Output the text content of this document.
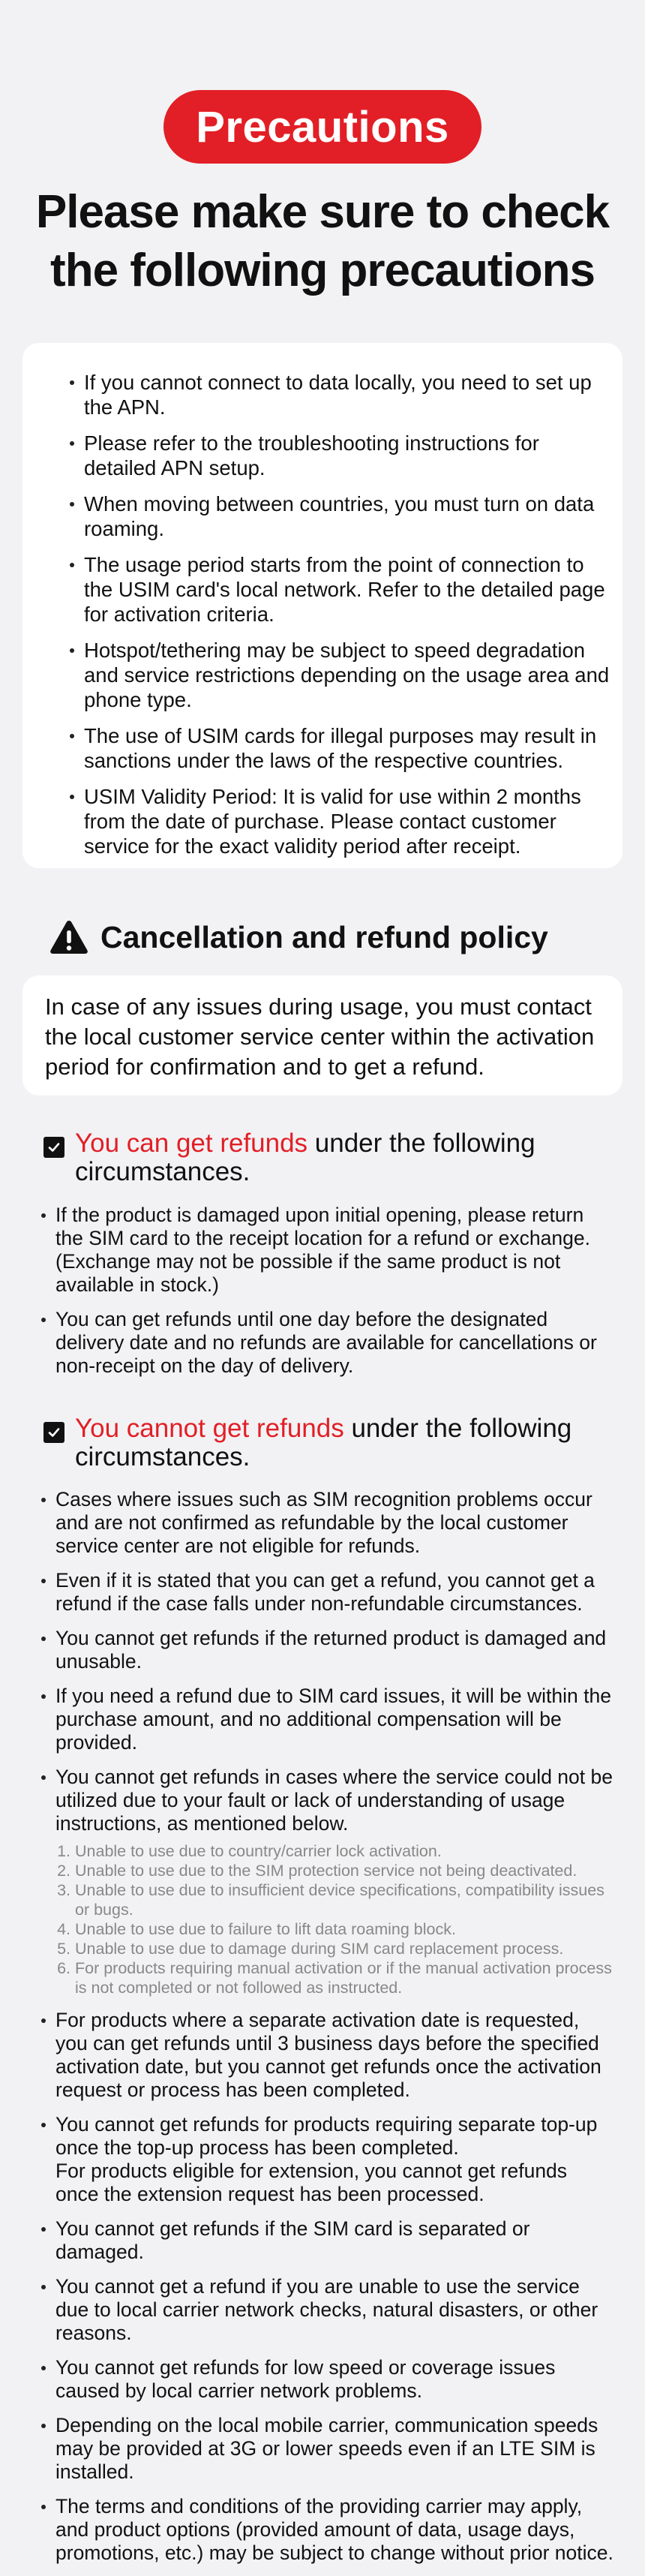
Precautions
Please make sure to check
the following precautions
If you cannot connect to data locally, you need to set up the APN.
Please refer to the troubleshooting instructions for detailed APN setup.
When moving between countries, you must turn on data roaming.
The usage period starts from the point of connection to the USIM card's local network. Refer to the detailed page for activation criteria.
Hotspot/tethering may be subject to speed degradation and service restrictions depending on the usage area and phone type.
The use of USIM cards for illegal purposes may result in sanctions under the laws of the respective countries.
USIM Validity Period: It is valid for use within 2 months from the date of purchase. Please contact customer service for the exact validity period after receipt.
Cancellation and refund policy
In case of any issues during usage, you must contact the local customer service center within the activation period for confirmation and to get a refund.
You can get refunds under the following circumstances.
If the product is damaged upon initial opening, please return the SIM card to the receipt location for a refund or exchange. (Exchange may not be possible if the same product is not available in stock.)
You can get refunds until one day before the designated delivery date and no refunds are available for cancellations or non-receipt on the day of delivery.
You cannot get refunds under the following circumstances.
Cases where issues such as SIM recognition problems occur and are not confirmed as refundable by the local customer service center are not eligible for refunds.
Even if it is stated that you can get a refund, you cannot get a refund if the case falls under non-refundable circumstances.
You cannot get refunds if the returned product is damaged and unusable.
If you need a refund due to SIM card issues, it will be within the purchase amount, and no additional compensation will be provided.
You cannot get refunds in cases where the service could not be utilized due to your fault or lack of understanding of usage instructions, as mentioned below.
1. Unable to use due to country/carrier lock activation.
2. Unable to use due to the SIM protection service not being deactivated.
3. Unable to use due to insufficient device specifications, compatibility issues or bugs.
4. Unable to use due to failure to lift data roaming block.
5. Unable to use due to damage during SIM card replacement process.
6. For products requiring manual activation or if the manual activation process is not completed or not followed as instructed.
For products where a separate activation date is requested, you can get refunds until 3 business days before the specified activation date, but you cannot get refunds once the activation request or process has been completed.
You cannot get refunds for products requiring separate top-up once the top-up process has been completed.
For products eligible for extension, you cannot get refunds once the extension request has been processed.
You cannot get refunds if the SIM card is separated or damaged.
You cannot get a refund if you are unable to use the service due to local carrier network checks, natural disasters, or other reasons.
You cannot get refunds for low speed or coverage issues caused by local carrier network problems.
Depending on the local mobile carrier, communication speeds may be provided at 3G or lower speeds even if an LTE SIM is installed.
The terms and conditions of the providing carrier may apply, and product options (provided amount of data, usage days, promotions, etc.) may be subject to change without prior notice.
